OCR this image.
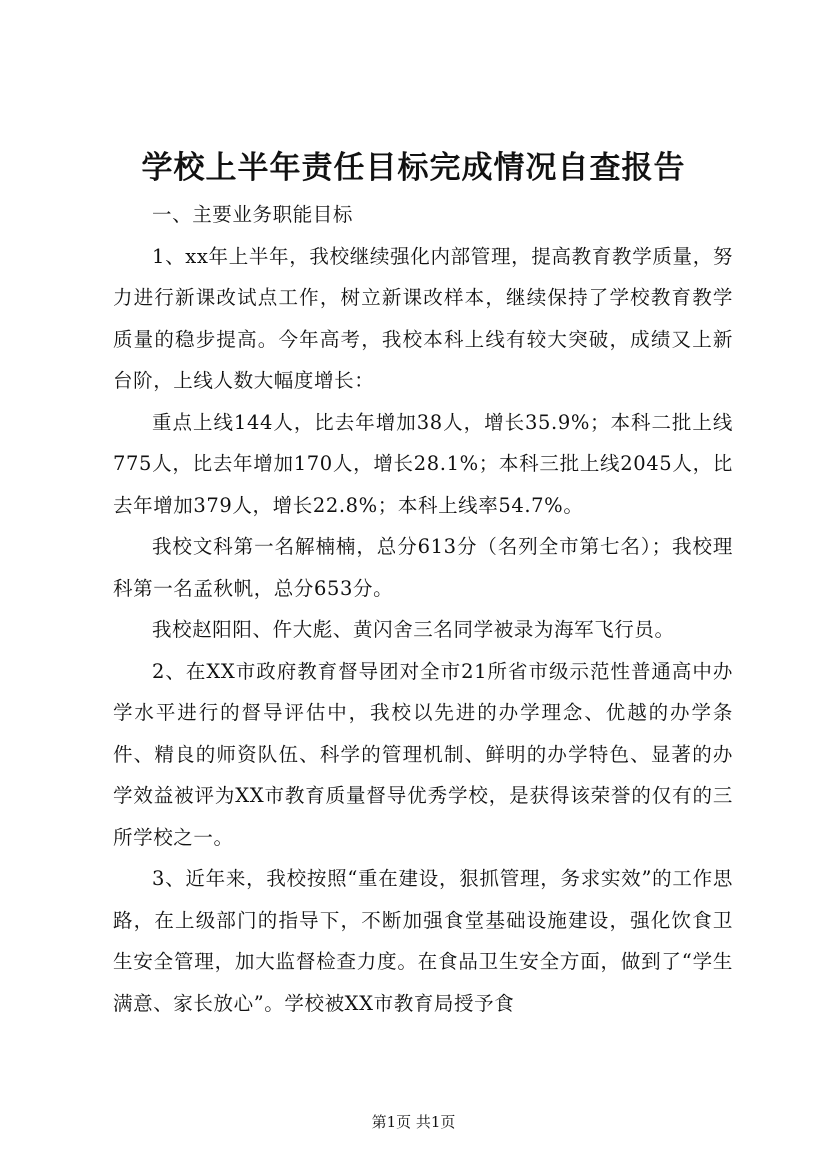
学校上半年责任目标完成情况自查报告

一、主要业务职能目标

1、xx年上半年，我校继续强化内部管理，提高教育教学质量，努力进行新课改试点工作，树立新课改样本，继续保持了学校教育教学质量的稳步提高。今年高考，我校本科上线有较大突破，成绩又上新台阶，上线人数大幅度增长：

重点上线144人，比去年增加38人，增长35.9%；本科二批上线775人，比去年增加170人，增长28.1%；本科三批上线2045人，比去年增加379人，增长22.8%；本科上线率54.7%。

我校文科第一名解楠楠，总分613分（名列全市第七名）；我校理科第一名孟秋帆，总分653分。

我校赵阳阳、仵大彪、黄闪舍三名同学被录为海军飞行员。

2、在XX市政府教育督导团对全市21所省市级示范性普通高中办学水平进行的督导评估中，我校以先进的办学理念、优越的办学条件、精良的师资队伍、科学的管理机制、鲜明的办学特色、显著的办学效益被评为XX市教育质量督导优秀学校，是获得该荣誉的仅有的三所学校之一。

3、近年来，我校按照“重在建设，狠抓管理，务求实效”的工作思路，在上级部门的指导下，不断加强食堂基础设施建设，强化饮食卫生安全管理，加大监督检查力度。在食品卫生安全方面，做到了“学生满意、家长放心”。学校被XX市教育局授予食

第1页 共1页
